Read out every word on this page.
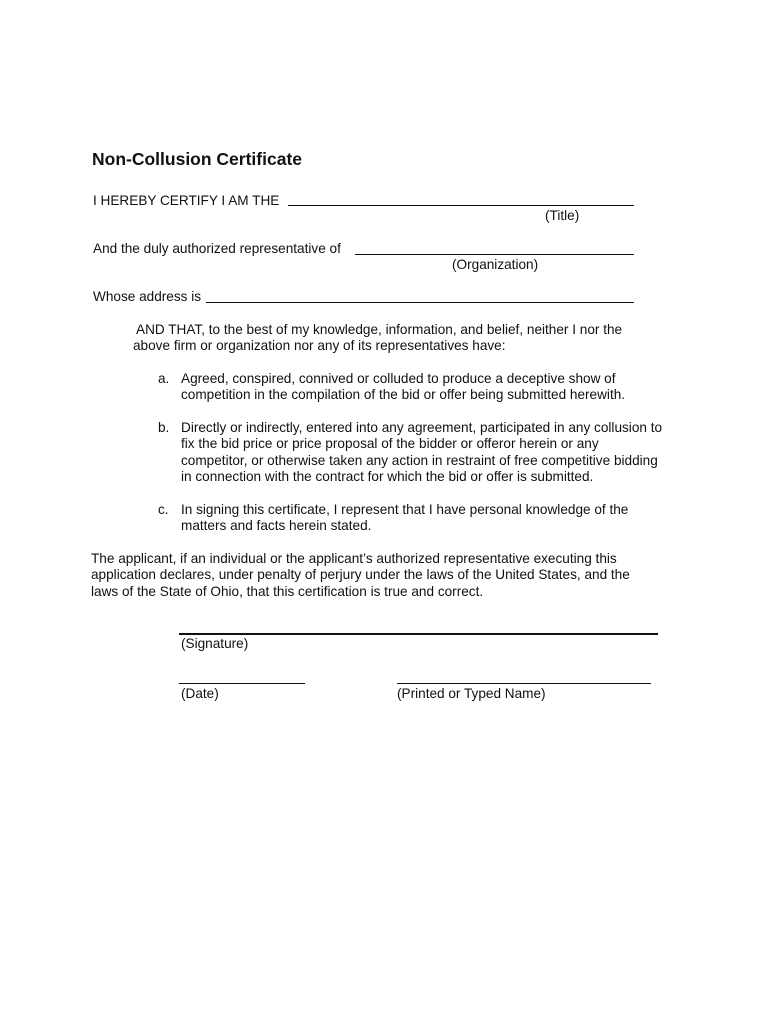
Non-Collusion Certificate
I HEREBY CERTIFY I AM THE
(Title)
And the duly authorized representative of
(Organization)
Whose address is

AND THAT, to the best of my knowledge, information, and belief, neither I nor the above firm or organization nor any of its representatives have:

a. Agreed, conspired, connived or colluded to produce a deceptive show of competition in the compilation of the bid or offer being submitted herewith.
b. Directly or indirectly, entered into any agreement, participated in any collusion to fix the bid price or price proposal of the bidder or offeror herein or any competitor, or otherwise taken any action in restraint of free competitive bidding in connection with the contract for which the bid or offer is submitted.
c. In signing this certificate, I represent that I have personal knowledge of the matters and facts herein stated.

The applicant, if an individual or the applicant’s authorized representative executing this application declares, under penalty of perjury under the laws of the United States, and the laws of the State of Ohio, that this certification is true and correct.

(Signature)
(Date)	(Printed or Typed Name)
